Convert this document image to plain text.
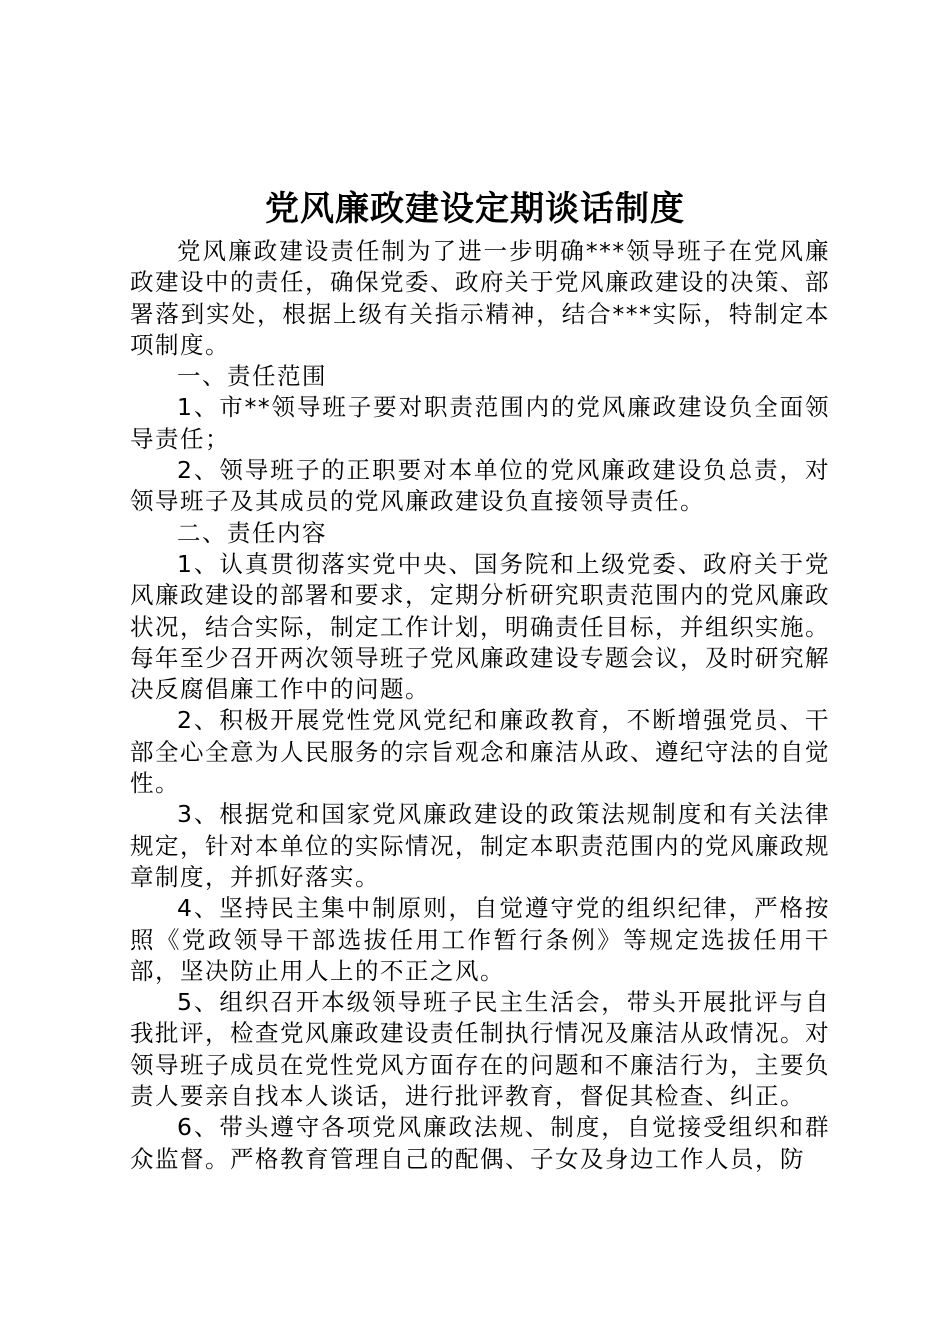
党风廉政建设定期谈话制度

党风廉政建设责任制为了进一步明确***领导班子在党风廉政建设中的责任，确保党委、政府关于党风廉政建设的决策、部署落到实处，根据上级有关指示精神，结合***实际，特制定本项制度。

一、责任范围

1、市**领导班子要对职责范围内的党风廉政建设负全面领导责任；

2、领导班子的正职要对本单位的党风廉政建设负总责，对领导班子及其成员的党风廉政建设负直接领导责任。

二、责任内容

1、认真贯彻落实党中央、国务院和上级党委、政府关于党风廉政建设的部署和要求，定期分析研究职责范围内的党风廉政状况，结合实际，制定工作计划，明确责任目标，并组织实施。每年至少召开两次领导班子党风廉政建设专题会议，及时研究解决反腐倡廉工作中的问题。

2、积极开展党性党风党纪和廉政教育，不断增强党员、干部全心全意为人民服务的宗旨观念和廉洁从政、遵纪守法的自觉性。

3、根据党和国家党风廉政建设的政策法规制度和有关法律规定，针对本单位的实际情况，制定本职责范围内的党风廉政规章制度，并抓好落实。

4、坚持民主集中制原则，自觉遵守党的组织纪律，严格按照《党政领导干部选拔任用工作暂行条例》等规定选拔任用干部，坚决防止用人上的不正之风。

5、组织召开本级领导班子民主生活会，带头开展批评与自我批评，检查党风廉政建设责任制执行情况及廉洁从政情况。对领导班子成员在党性党风方面存在的问题和不廉洁行为，主要负责人要亲自找本人谈话，进行批评教育，督促其检查、纠正。

6、带头遵守各项党风廉政法规、制度，自觉接受组织和群众监督。严格教育管理自己的配偶、子女及身边工作人员，防
